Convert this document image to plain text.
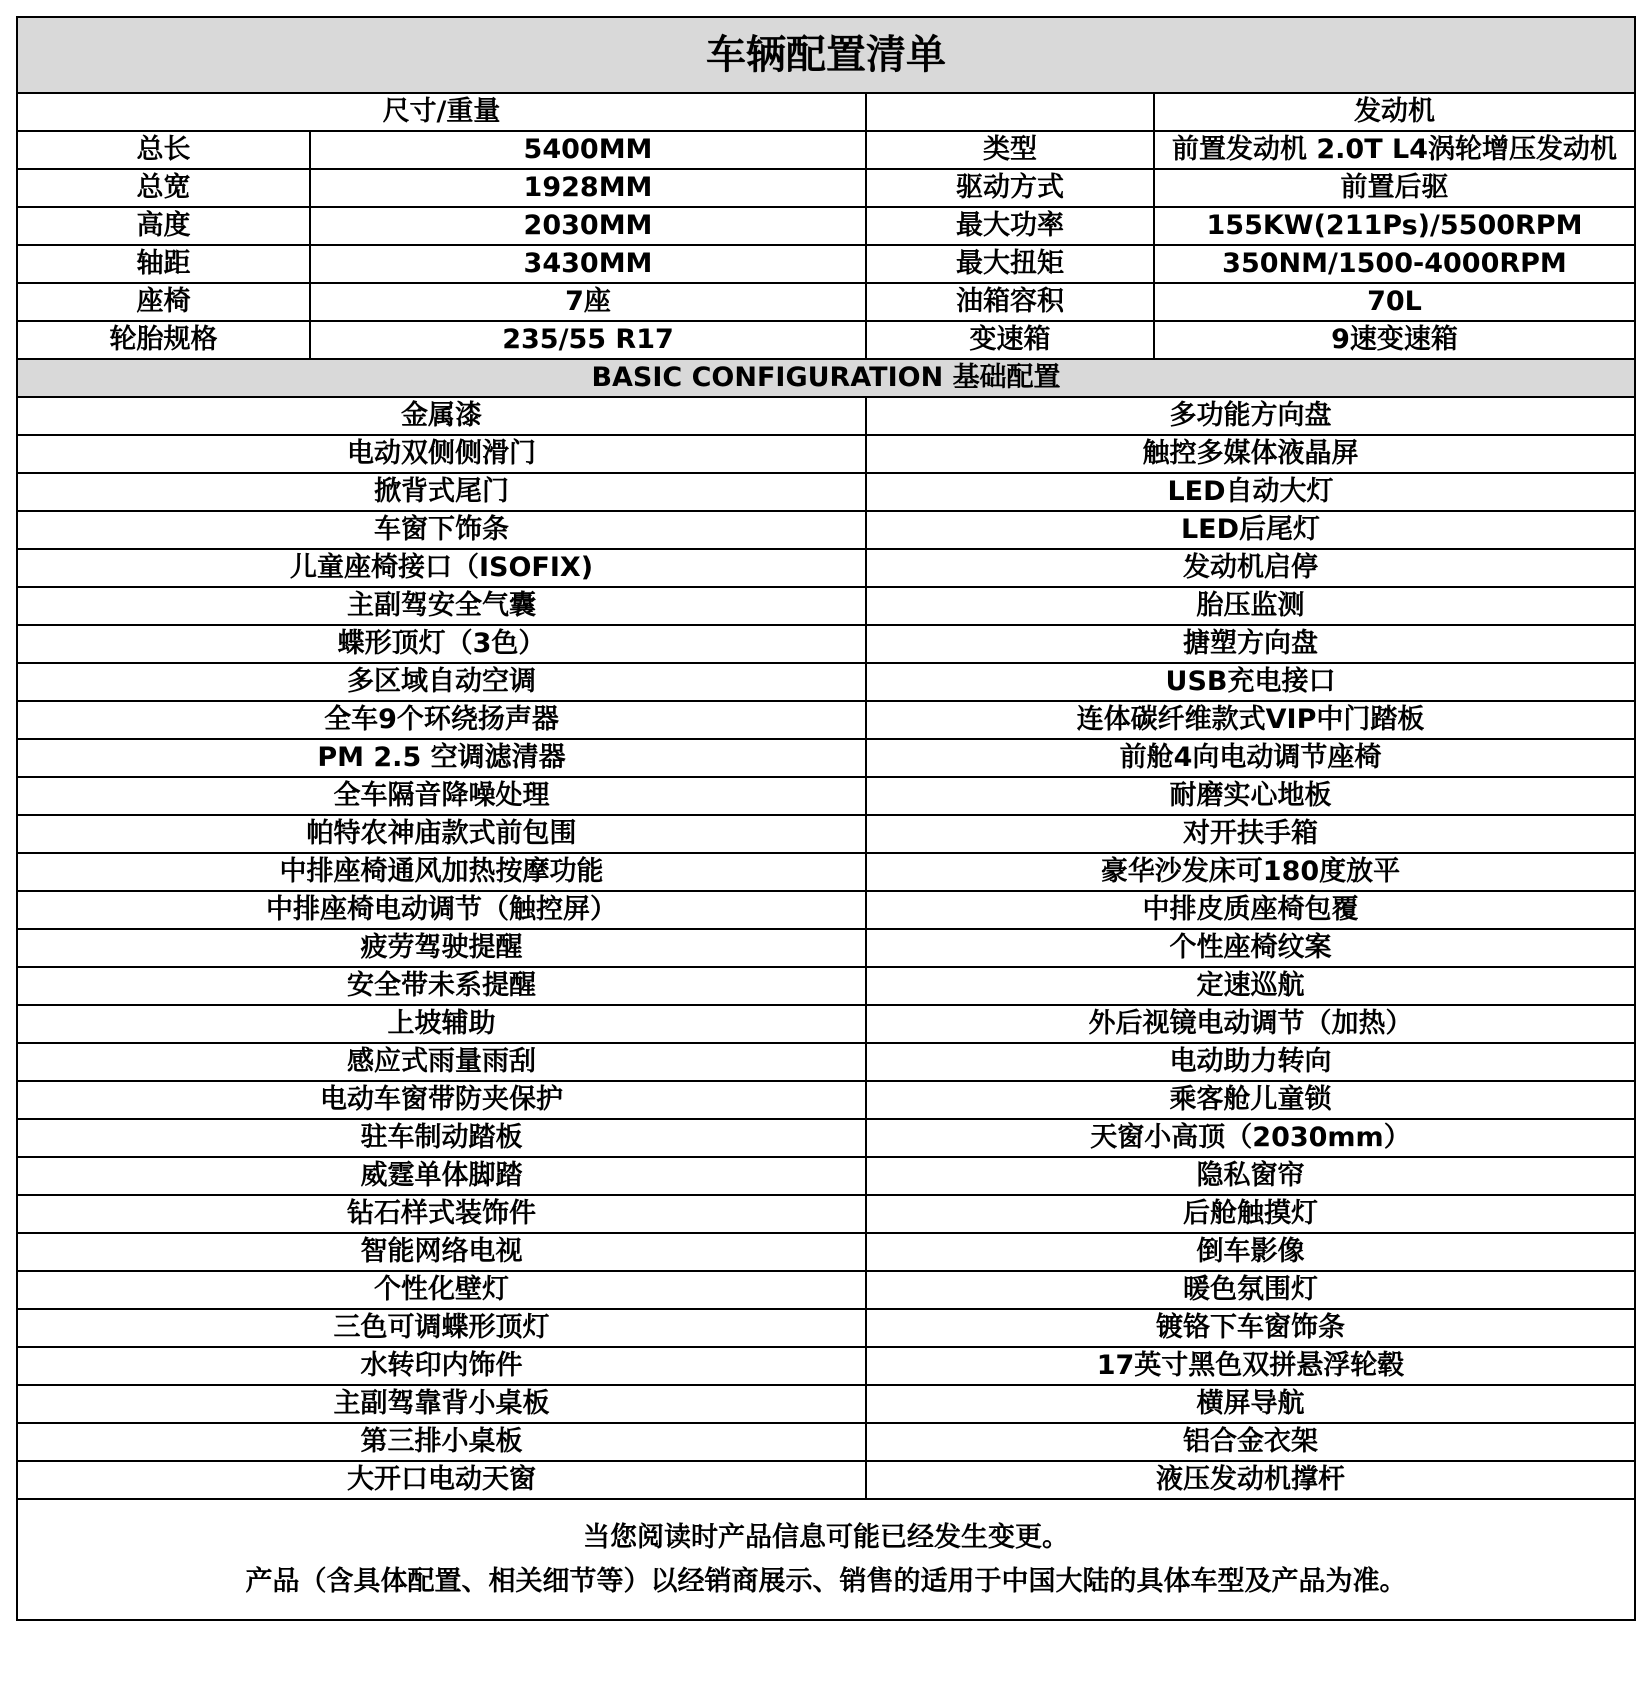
车辆配置清单			
尺寸/重量			发动机
总长	5400MM	类型	前置发动机 2.0T L4涡轮增压发动机
总宽	1928MM	驱动方式	前置后驱
高度	2030MM	最大功率	155KW(211Ps)/5500RPM
轴距	3430MM	最大扭矩	350NM/1500-4000RPM
座椅	7座	油箱容积	70L
轮胎规格	235/55 R17	变速箱	9速变速箱
BASIC CONFIGURATION 基础配置			
金属漆		多功能方向盘	
电动双侧侧滑门		触控多媒体液晶屏	
掀背式尾门		LED自动大灯	
车窗下饰条		LED后尾灯	
儿童座椅接口（ISOFIX)		发动机启停	
主副驾安全气囊		胎压监测	
蝶形顶灯（3色）		搪塑方向盘	
多区域自动空调		USB充电接口	
全车9个环绕扬声器		连体碳纤维款式VIP中门踏板	
PM 2.5 空调滤清器		前舱4向电动调节座椅	
全车隔音降噪处理		耐磨实心地板	
帕特农神庙款式前包围		对开扶手箱	
中排座椅通风加热按摩功能		豪华沙发床可180度放平	
中排座椅电动调节（触控屏）		中排皮质座椅包覆	
疲劳驾驶提醒		个性座椅纹案	
安全带未系提醒		定速巡航	
上坡辅助		外后视镜电动调节（加热）	
感应式雨量雨刮		电动助力转向	
电动车窗带防夹保护		乘客舱儿童锁	
驻车制动踏板		天窗小高顶（2030mm）	
威霆单体脚踏		隐私窗帘	
钻石样式装饰件		后舱触摸灯	
智能网络电视		倒车影像	
个性化壁灯		暖色氛围灯	
三色可调蝶形顶灯		镀铬下车窗饰条	
水转印内饰件		17英寸黑色双拼悬浮轮毂	
主副驾靠背小桌板		横屏导航	
第三排小桌板		铝合金衣架	
大开口电动天窗		液压发动机撑杆	

当您阅读时产品信息可能已经发生变更。
产品（含具体配置、相关细节等）以经销商展示、销售的适用于中国大陆的具体车型及产品为准。			
